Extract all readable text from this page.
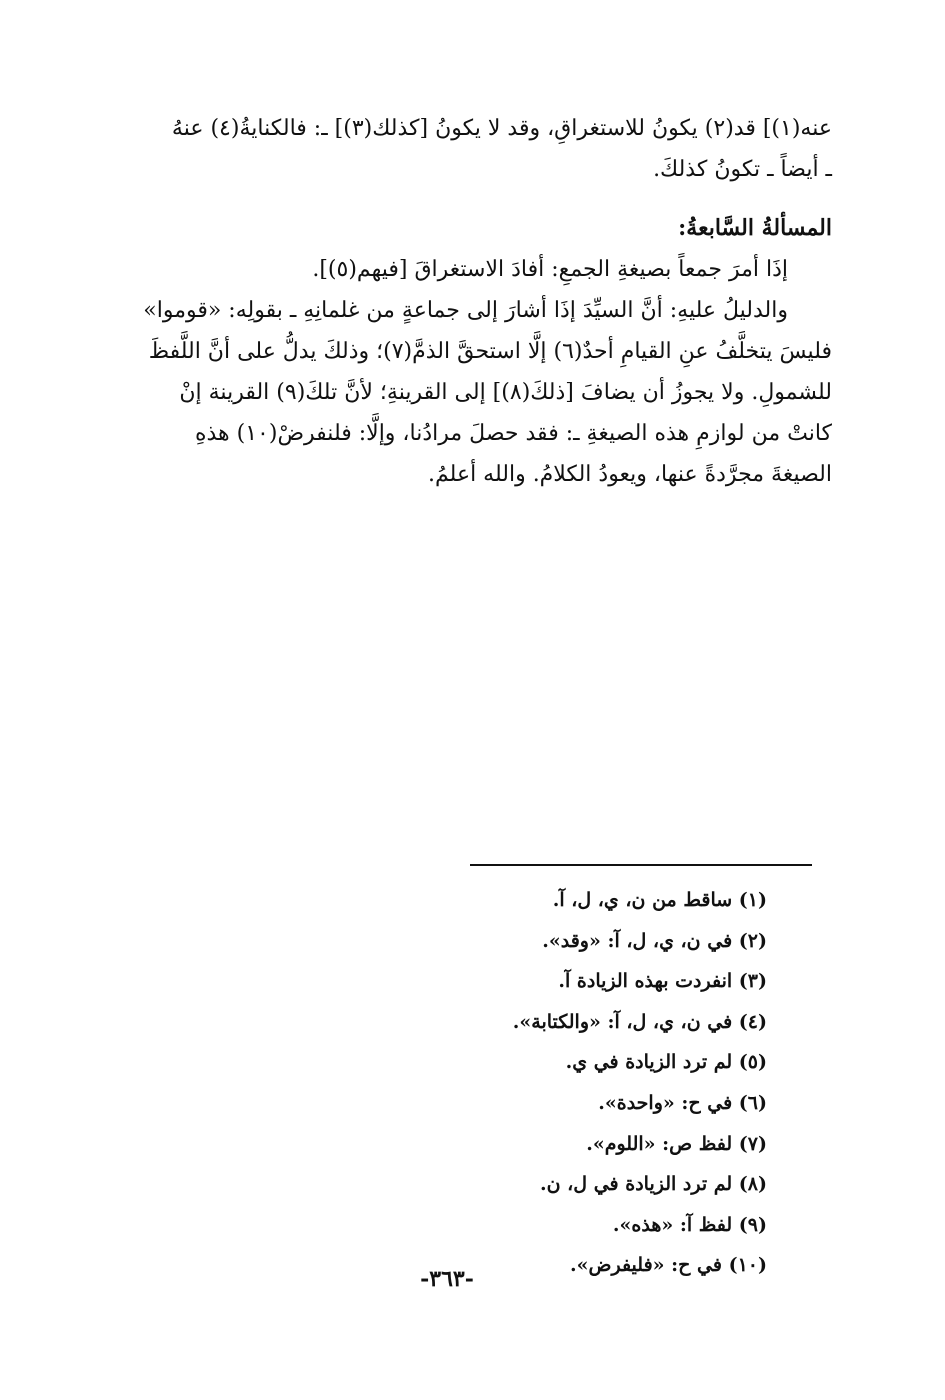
عنه(١)] قد(٢) يكونُ للاستغراقِ، وقد لا يكونُ [كذلك(٣)] ـ: فالكنايةُ(٤) عنهُ
ـ أيضاً ـ تكونُ كذلكَ.
المسألةُ السَّابعةُ:
إذَا أمرَ جمعاً بصيغةِ الجمعِ: أفادَ الاستغراقَ [فيهم(٥)].
والدليلُ عليهِ: أنَّ السيِّدَ إذَا أشارَ إلى جماعةٍ من غلمانِهِ ـ بقولِه: «قوموا»
فليسَ يتخلَّفُ عنِ القيامِ أحدٌ(٦) إلَّا استحقَّ الذمَّ(٧)؛ وذلكَ يدلُّ على أنَّ اللَّفظَ
للشمولِ. ولا يجوزُ أن يضافَ [ذلكَ(٨)] إلى القرينةِ؛ لأنَّ تلكَ(٩) القرينة إنْ
كانتْ من لوازمِ هذه الصيغةِ ـ: فقد حصلَ مرادُنا، وإلَّا: فلنفرضْ(١٠) هذهِ
الصيغةَ مجرَّدةً عنها، ويعودُ الكلامُ. والله أعلمُ.
(١) ساقط من ن، ي، ل، آ.
(٢) في ن، ي، ل، آ: «وقد».
(٣) انفردت بهذه الزيادة آ.
(٤) في ن، ي، ل، آ: «والكتابة».
(٥) لم ترد الزيادة في ي.
(٦) في ح: «واحدة».
(٧) لفظ ص: «اللوم».
(٨) لم ترد الزيادة في ل، ن.
(٩) لفظ آ: «هذه».
(١٠) في ح: «فليفرض».
-٣٦٣-
